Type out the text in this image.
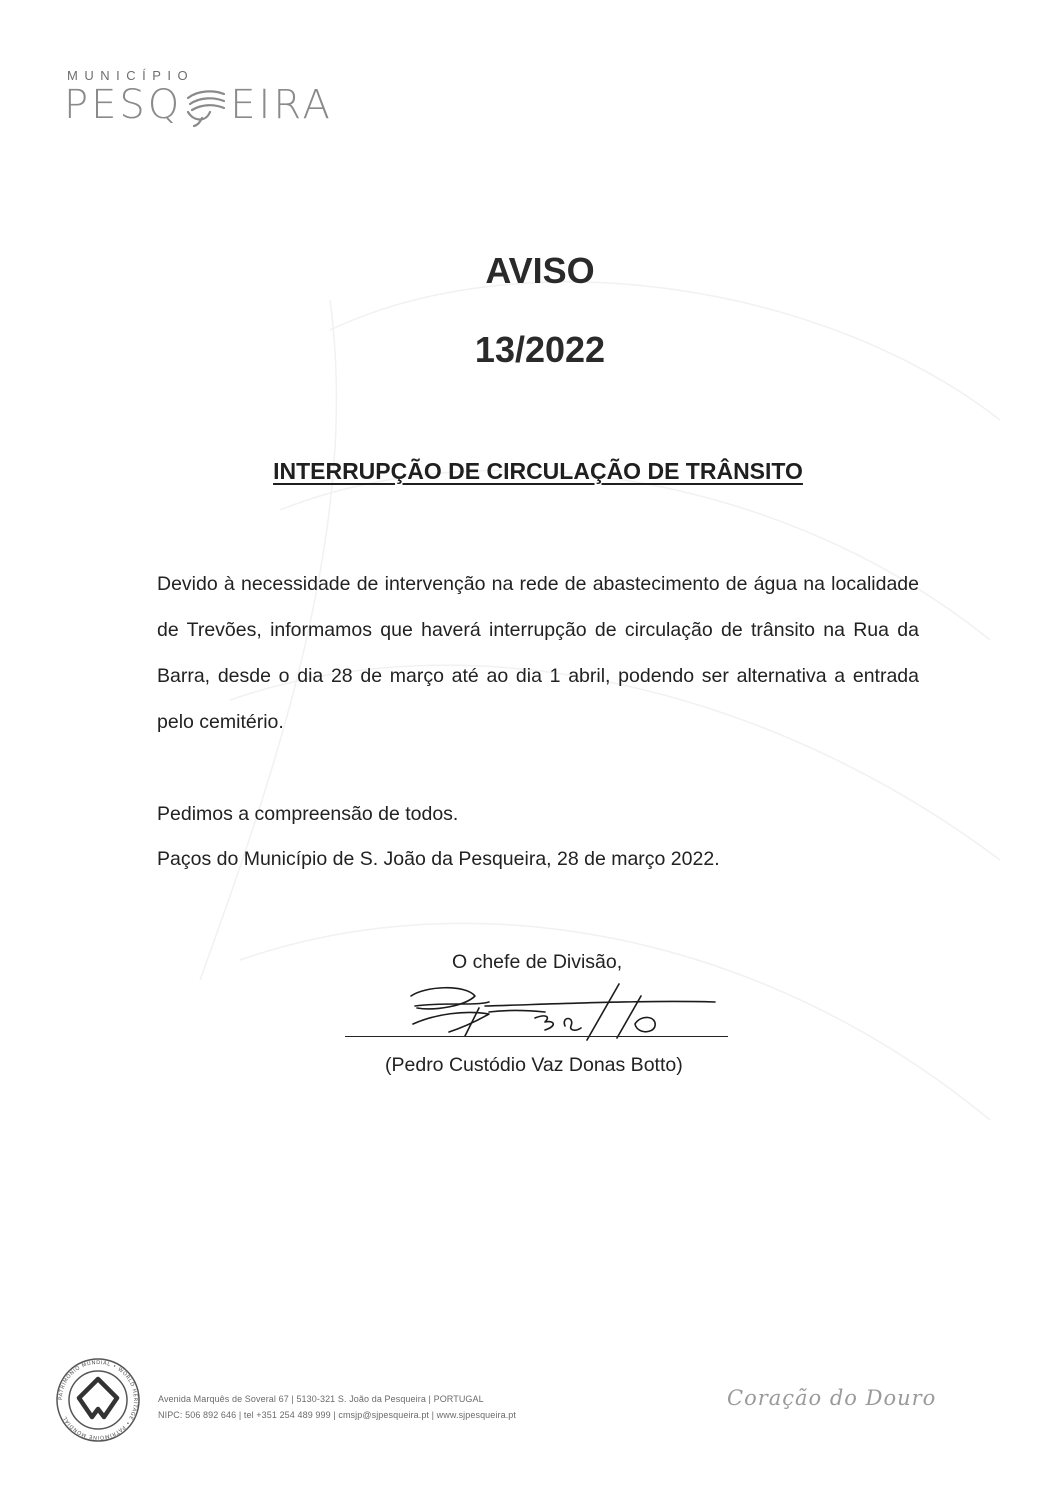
MUNICÍPIO
PESQ EIRA
AVISO
13/2022
INTERRUPÇÃO DE CIRCULAÇÃO DE TRÂNSITO
Devido à necessidade de intervenção na rede de abastecimento de água na localidade de Trevões, informamos que haverá interrupção de circulação de trânsito na Rua da Barra, desde o dia 28 de março até ao dia 1 abril, podendo ser alternativa a entrada pelo cemitério.
Pedimos a compreensão de todos.
Paços do Município de S. João da Pesqueira, 28 de março 2022.
O chefe de Divisão,
(Pedro Custódio Vaz Donas Botto)
PATRIMÓNIO MUNDIAL • WORLD HERITAGE • PATRIMOINE MONDIAL
Avenida Marquês de Soveral 67 | 5130-321 S. João da Pesqueira | PORTUGAL
NIPC: 506 892 646 | tel +351 254 489 999 | cmsjp@sjpesqueira.pt | www.sjpesqueira.pt
Coração do Douro
